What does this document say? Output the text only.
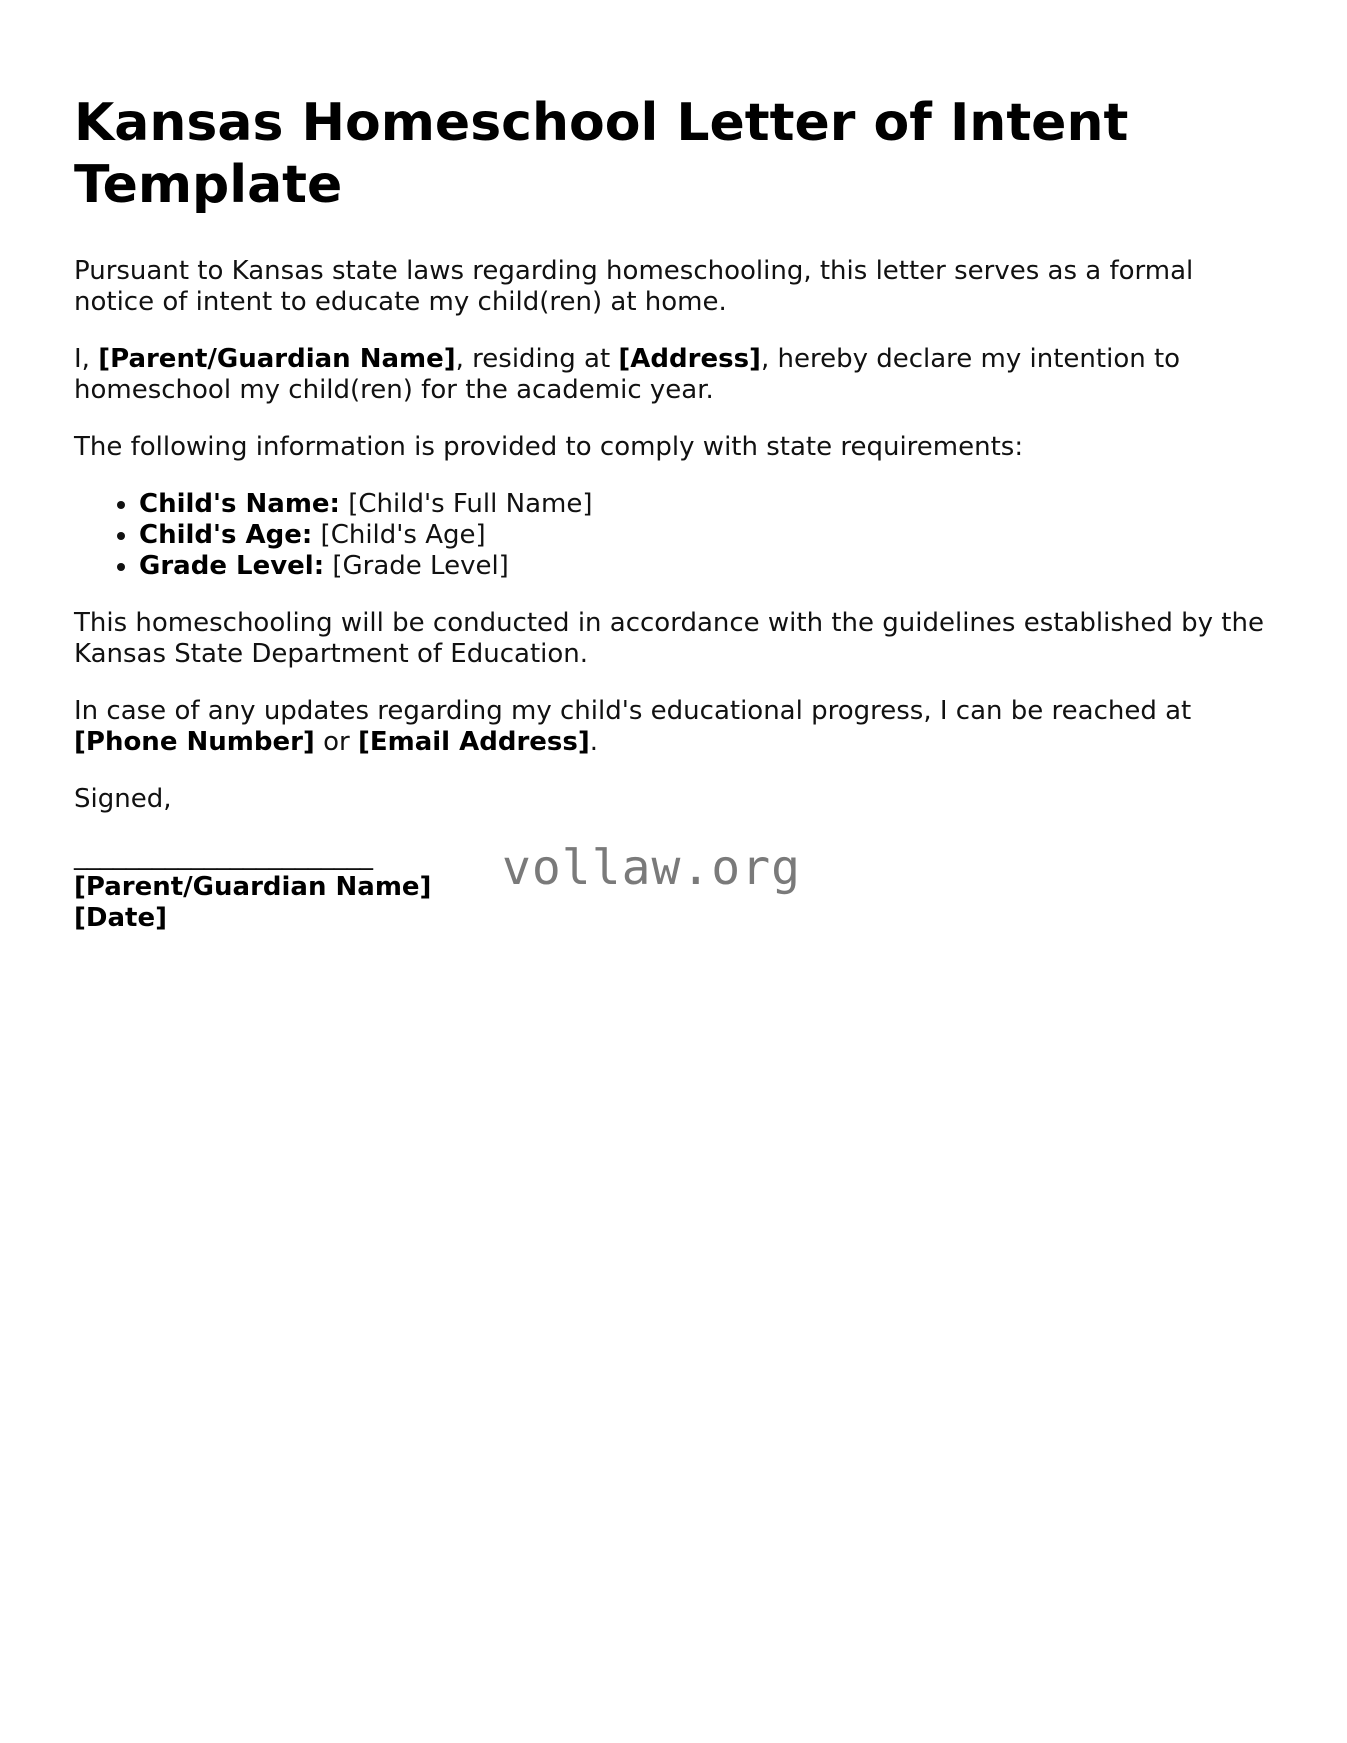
Kansas Homeschool Letter of Intent Template

Pursuant to Kansas state laws regarding homeschooling, this letter serves as a formal notice of intent to educate my child(ren) at home.

I, [Parent/Guardian Name], residing at [Address], hereby declare my intention to homeschool my child(ren) for the academic year.

The following information is provided to comply with state requirements:

• Child's Name: [Child's Full Name]
• Child's Age: [Child's Age]
• Grade Level: [Grade Level]

This homeschooling will be conducted in accordance with the guidelines established by the Kansas State Department of Education.

In case of any updates regarding my child's educational progress, I can be reached at [Phone Number] or [Email Address].

Signed,

_______________________
[Parent/Guardian Name]
[Date]
vollaw.org
